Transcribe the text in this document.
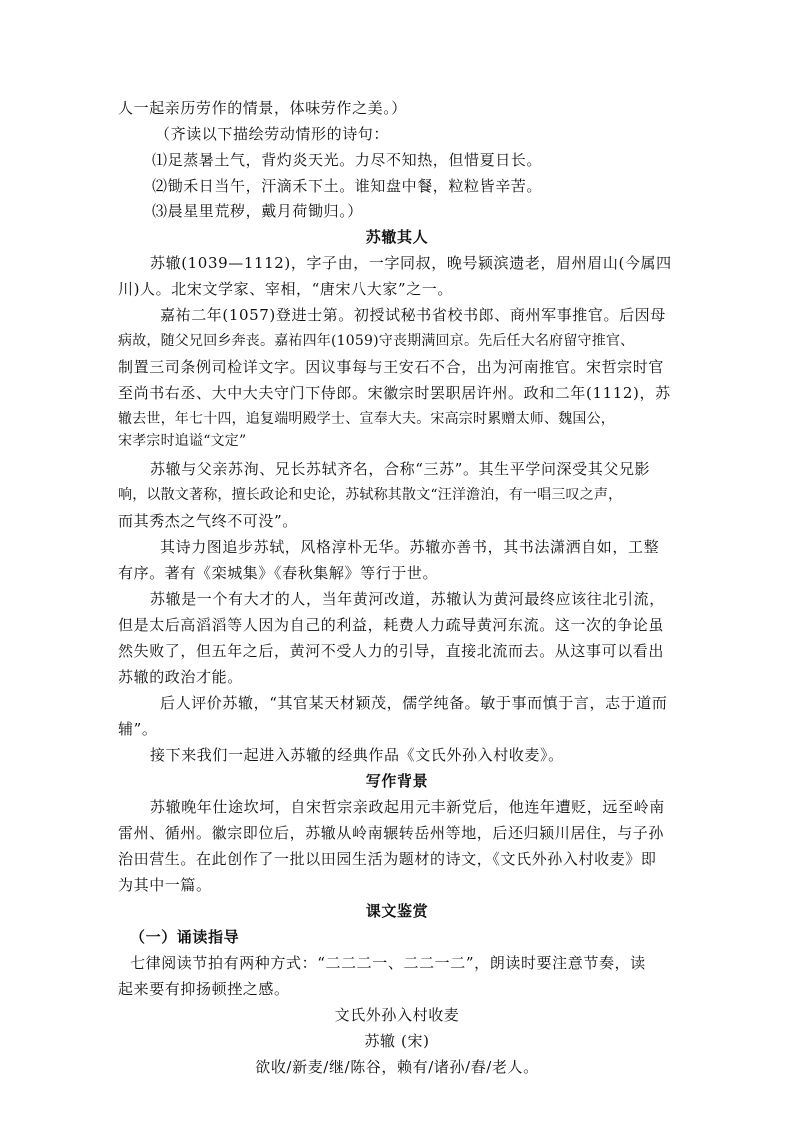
人一起亲历劳作的情景，体味劳作之美。）
（齐读以下描绘劳动情形的诗句：
⑴足蒸暑土气，背灼炎天光。力尽不知热，但惜夏日长。
⑵锄禾日当午，汗滴禾下土。谁知盘中餐，粒粒皆辛苦。
⑶晨星里荒秽，戴月荷锄归。）
苏辙其人
苏辙(1039—1112)，字子由，一字同叔，晚号颍滨遗老，眉州眉山(今属四
川)人。北宋文学家、宰相，“唐宋八大家”之一。
嘉祐二年(1057)登进士第。初授试秘书省校书郎、商州军事推官。后因母
病故，随父兄回乡奔丧。嘉祐四年(1059)守丧期满回京。先后任大名府留守推官、
制置三司条例司检详文字。因议事每与王安石不合，出为河南推官。宋哲宗时官
至尚书右丞、大中大夫守门下侍郎。宋徽宗时罢职居许州。政和二年(1112)，苏
辙去世，年七十四，追复端明殿学士、宣奉大夫。宋高宗时累赠太师、魏国公，
宋孝宗时追谥“文定”
苏辙与父亲苏洵、兄长苏轼齐名，合称“三苏”。其生平学问深受其父兄影
响，以散文著称，擅长政论和史论，苏轼称其散文“汪洋澹泊，有一唱三叹之声，
而其秀杰之气终不可没”。
其诗力图追步苏轼，风格淳朴无华。苏辙亦善书，其书法潇洒自如，工整
有序。著有《栾城集》《春秋集解》等行于世。
苏辙是一个有大才的人，当年黄河改道，苏辙认为黄河最终应该往北引流，
但是太后高滔滔等人因为自己的利益，耗费人力疏导黄河东流。这一次的争论虽
然失败了，但五年之后，黄河不受人力的引导，直接北流而去。从这事可以看出
苏辙的政治才能。
后人评价苏辙，“其官某天材颖茂，儒学纯备。敏于事而慎于言，志于道而
辅”。
接下来我们一起进入苏辙的经典作品《文氏外孙入村收麦》。
写作背景
苏辙晚年仕途坎坷，自宋哲宗亲政起用元丰新党后，他连年遭贬，远至岭南
雷州、循州。徽宗即位后，苏辙从岭南辗转岳州等地，后还归颍川居住，与子孙
治田营生。在此创作了一批以田园生活为题材的诗文，《文氏外孙入村收麦》即
为其中一篇。
课文鉴赏
（一）诵读指导
七律阅读节拍有两种方式：“二二二一、二二一二”，朗读时要注意节奏，读
起来要有抑扬顿挫之感。
文氏外孙入村收麦
苏辙 (宋)
欲收/新麦/继/陈谷，赖有/诸孙/舂/老人。
